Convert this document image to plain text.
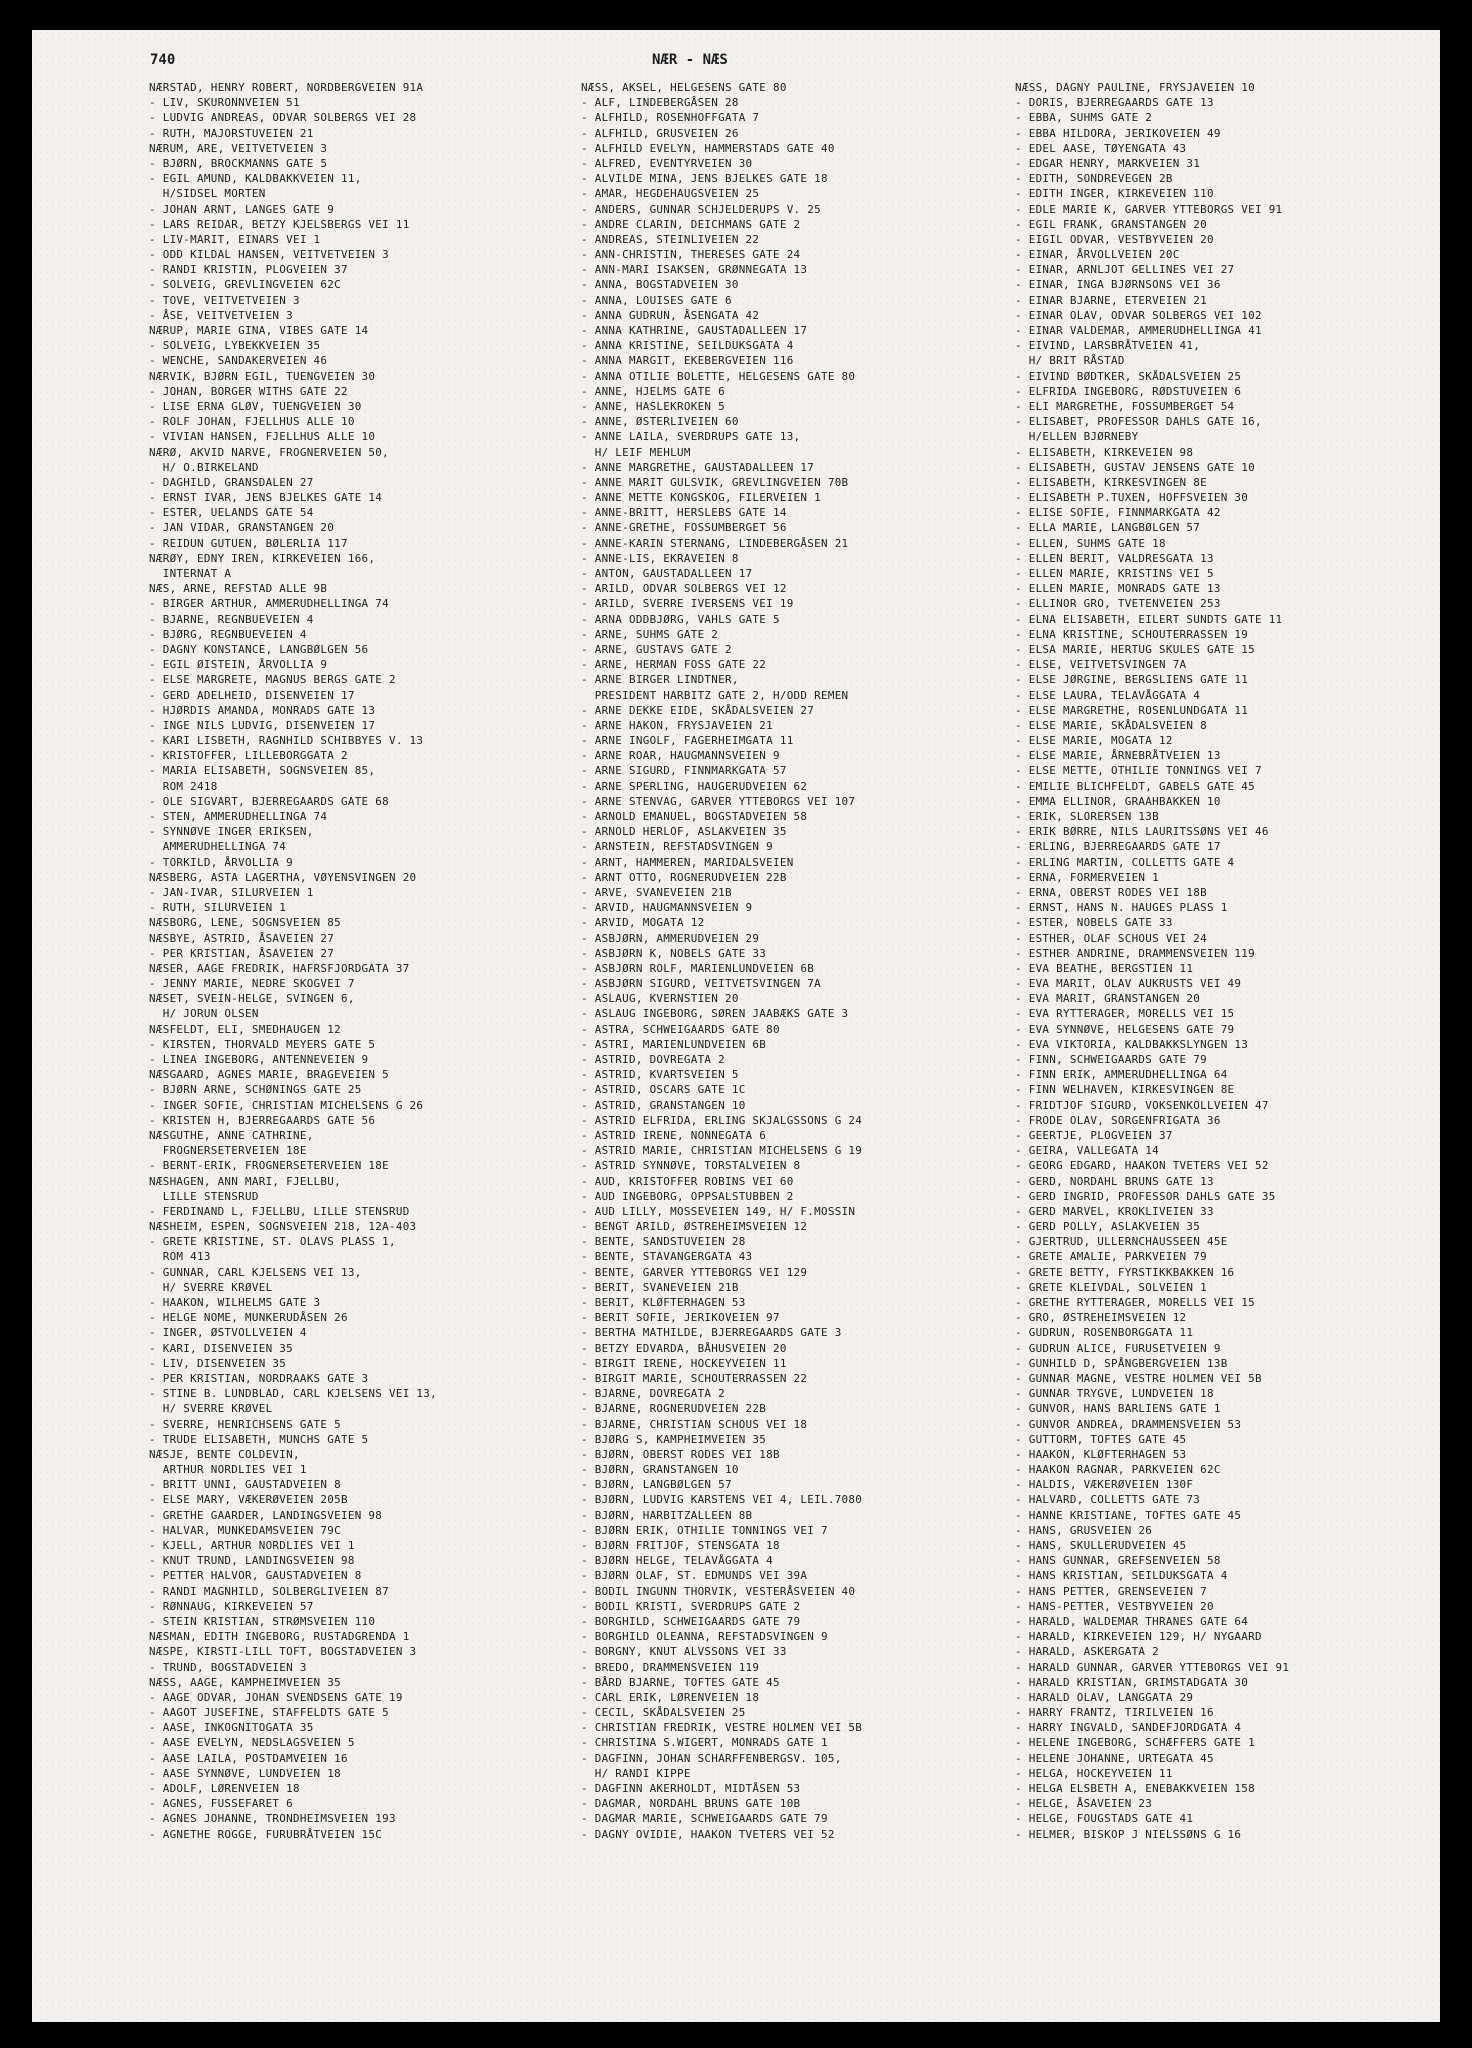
740	NÆR - NÆS
NÆRSTAD, HENRY ROBERT, NORDBERGVEIEN 91A
- LIV, SKURONNVEIEN 51
- LUDVIG ANDREAS, ODVAR SOLBERGS VEI 28
- RUTH, MAJORSTUVEIEN 21
NÆRUM, ARE, VEITVETVEIEN 3
- BJØRN, BROCKMANNS GATE 5
- EGIL AMUND, KALDBAKKVEIEN 11,
H/SIDSEL MORTEN
- JOHAN ARNT, LANGES GATE 9
- LARS REIDAR, BETZY KJELSBERGS VEI 11
- LIV-MARIT, EINARS VEI 1
- ODD KILDAL HANSEN, VEITVETVEIEN 3
- RANDI KRISTIN, PLOGVEIEN 37
- SOLVEIG, GREVLINGVEIEN 62C
- TOVE, VEITVETVEIEN 3
- ÅSE, VEITVETVEIEN 3
NÆRUP, MARIE GINA, VIBES GATE 14
- SOLVEIG, LYBEKKVEIEN 35
- WENCHE, SANDAKERVEIEN 46
NÆRVIK, BJØRN EGIL, TUENGVEIEN 30
- JOHAN, BORGER WITHS GATE 22
- LISE ERNA GLØV, TUENGVEIEN 30
- ROLF JOHAN, FJELLHUS ALLE 10
- VIVIAN HANSEN, FJELLHUS ALLE 10
NÆRØ, AKVID NARVE, FROGNERVEIEN 50,
H/ O.BIRKELAND
- DAGHILD, GRANSDALEN 27
- ERNST IVAR, JENS BJELKES GATE 14
- ESTER, UELANDS GATE 54
- JAN VIDAR, GRANSTANGEN 20
- REIDUN GUTUEN, BØLERLIA 117
NÆRØY, EDNY IREN, KIRKEVEIEN 166,
INTERNAT A
NÆS, ARNE, REFSTAD ALLE 9B
- BIRGER ARTHUR, AMMERUDHELLINGA 74
- BJARNE, REGNBUEVEIEN 4
- BJØRG, REGNBUEVEIEN 4
- DAGNY KONSTANCE, LANGBØLGEN 56
- EGIL ØISTEIN, ÅRVOLLIA 9
- ELSE MARGRETE, MAGNUS BERGS GATE 2
- GERD ADELHEID, DISENVEIEN 17
- HJØRDIS AMANDA, MONRADS GATE 13
- INGE NILS LUDVIG, DISENVEIEN 17
- KARI LISBETH, RAGNHILD SCHIBBYES V. 13
- KRISTOFFER, LILLEBORGGATA 2
- MARIA ELISABETH, SOGNSVEIEN 85,
ROM 2418
- OLE SIGVART, BJERREGAARDS GATE 68
- STEN, AMMERUDHELLINGA 74
- SYNNØVE INGER ERIKSEN,
AMMERUDHELLINGA 74
- TORKILD, ÅRVOLLIA 9
NÆSBERG, ASTA LAGERTHA, VØYENSVINGEN 20
- JAN-IVAR, SILURVEIEN 1
- RUTH, SILURVEIEN 1
NÆSBORG, LENE, SOGNSVEIEN 85
NÆSBYE, ASTRID, ÅSAVEIEN 27
- PER KRISTIAN, ÅSAVEIEN 27
NÆSER, AAGE FREDRIK, HAFRSFJORDGATA 37
- JENNY MARIE, NEDRE SKOGVEI 7
NÆSET, SVEIN-HELGE, SVINGEN 6,
H/ JORUN OLSEN
NÆSFELDT, ELI, SMEDHAUGEN 12
- KIRSTEN, THORVALD MEYERS GATE 5
- LINEA INGEBORG, ANTENNEVEIEN 9
NÆSGAARD, AGNES MARIE, BRAGEVEIEN 5
- BJØRN ARNE, SCHØNINGS GATE 25
- INGER SOFIE, CHRISTIAN MICHELSENS G 26
- KRISTEN H, BJERREGAARDS GATE 56
NÆSGUTHE, ANNE CATHRINE,
FROGNERSETERVEIEN 18E
- BERNT-ERIK, FROGNERSETERVEIEN 18E
NÆSHAGEN, ANN MARI, FJELLBU,
LILLE STENSRUD
- FERDINAND L, FJELLBU, LILLE STENSRUD
NÆSHEIM, ESPEN, SOGNSVEIEN 218, 12A-403
- GRETE KRISTINE, ST. OLAVS PLASS 1,
ROM 413
- GUNNAR, CARL KJELSENS VEI 13,
H/ SVERRE KRØVEL
- HAAKON, WILHELMS GATE 3
- HELGE NOME, MUNKERUDÅSEN 26
- INGER, ØSTVOLLVEIEN 4
- KARI, DISENVEIEN 35
- LIV, DISENVEIEN 35
- PER KRISTIAN, NORDRAAKS GATE 3
- STINE B. LUNDBLAD, CARL KJELSENS VEI 13,
H/ SVERRE KRØVEL
- SVERRE, HENRICHSENS GATE 5
- TRUDE ELISABETH, MUNCHS GATE 5
NÆSJE, BENTE COLDEVIN,
ARTHUR NORDLIES VEI 1
- BRITT UNNI, GAUSTADVEIEN 8
- ELSE MARY, VÆKERØVEIEN 205B
- GRETHE GAARDER, LANDINGSVEIEN 98
- HALVAR, MUNKEDAMSVEIEN 79C
- KJELL, ARTHUR NORDLIES VEI 1
- KNUT TRUND, LANDINGSVEIEN 98
- PETTER HALVOR, GAUSTADVEIEN 8
- RANDI MAGNHILD, SOLBERGLIVEIEN 87
- RØNNAUG, KIRKEVEIEN 57
- STEIN KRISTIAN, STRØMSVEIEN 110
NÆSMAN, EDITH INGEBORG, RUSTADGRENDA 1
NÆSPE, KIRSTI-LILL TOFT, BOGSTADVEIEN 3
- TRUND, BOGSTADVEIEN 3
NÆSS, AAGE, KAMPHEIMVEIEN 35
- AAGE ODVAR, JOHAN SVENDSENS GATE 19
- AAGOT JUSEFINE, STAFFELDTS GATE 5
- AASE, INKOGNITOGATA 35
- AASE EVELYN, NEDSLAGSVEIEN 5
- AASE LAILA, POSTDAMVEIEN 16
- AASE SYNNØVE, LUNDVEIEN 18
- ADOLF, LØRENVEIEN 18
- AGNES, FUSSEFARET 6
- AGNES JOHANNE, TRONDHEIMSVEIEN 193
- AGNETHE ROGGE, FURUBRÅTVEIEN 15C
NÆSS, AKSEL, HELGESENS GATE 80
- ALF, LINDEBERGÅSEN 28
- ALFHILD, ROSENHOFFGATA 7
- ALFHILD, GRUSVEIEN 26
- ALFHILD EVELYN, HAMMERSTADS GATE 40
- ALFRED, EVENTYRVEIEN 30
- ALVILDE MINA, JENS BJELKES GATE 18
- AMAR, HEGDEHAUGSVEIEN 25
- ANDERS, GUNNAR SCHJELDERUPS V. 25
- ANDRE CLARIN, DEICHMANS GATE 2
- ANDREAS, STEINLIVEIEN 22
- ANN-CHRISTIN, THERESES GATE 24
- ANN-MARI ISAKSEN, GRØNNEGATA 13
- ANNA, BOGSTADVEIEN 30
- ANNA, LOUISES GATE 6
- ANNA GUDRUN, ÅSENGATA 42
- ANNA KATHRINE, GAUSTADALLEEN 17
- ANNA KRISTINE, SEILDUKSGATA 4
- ANNA MARGIT, EKEBERGVEIEN 116
- ANNA OTILIE BOLETTE, HELGESENS GATE 80
- ANNE, HJELMS GATE 6
- ANNE, HASLEKROKEN 5
- ANNE, ØSTERLIVEIEN 60
- ANNE LAILA, SVERDRUPS GATE 13,
H/ LEIF MEHLUM
- ANNE MARGRETHE, GAUSTADALLEEN 17
- ANNE MARIT GULSVIK, GREVLINGVEIEN 70B
- ANNE METTE KONGSKOG, FILERVEIEN 1
- ANNE-BRITT, HERSLEBS GATE 14
- ANNE-GRETHE, FOSSUMBERGET 56
- ANNE-KARIN STERNANG, LINDEBERGÅSEN 21
- ANNE-LIS, EKRAVEIEN 8
- ANTON, GAUSTADALLEEN 17
- ARILD, ODVAR SOLBERGS VEI 12
- ARILD, SVERRE IVERSENS VEI 19
- ARNA ODDBJØRG, VAHLS GATE 5
- ARNE, SUHMS GATE 2
- ARNE, GUSTAVS GATE 2
- ARNE, HERMAN FOSS GATE 22
- ARNE BIRGER LINDTNER,
PRESIDENT HARBITZ GATE 2, H/ODD REMEN
- ARNE DEKKE EIDE, SKÅDALSVEIEN 27
- ARNE HAKON, FRYSJAVEIEN 21
- ARNE INGOLF, FAGERHEIMGATA 11
- ARNE ROAR, HAUGMANNSVEIEN 9
- ARNE SIGURD, FINNMARKGATA 57
- ARNE SPERLING, HAUGERUDVEIEN 62
- ARNE STENVAG, GARVER YTTEBORGS VEI 107
- ARNOLD EMANUEL, BOGSTADVEIEN 58
- ARNOLD HERLOF, ASLAKVEIEN 35
- ARNSTEIN, REFSTADSVINGEN 9
- ARNT, HAMMEREN, MARIDALSVEIEN
- ARNT OTTO, ROGNERUDVEIEN 22B
- ARVE, SVANEVEIEN 21B
- ARVID, HAUGMANNSVEIEN 9
- ARVID, MOGATA 12
- ASBJØRN, AMMERUDVEIEN 29
- ASBJØRN K, NOBELS GATE 33
- ASBJØRN ROLF, MARIENLUNDVEIEN 6B
- ASBJØRN SIGURD, VEITVETSVINGEN 7A
- ASLAUG, KVERNSTIEN 20
- ASLAUG INGEBORG, SØREN JAABÆKS GATE 3
- ASTRA, SCHWEIGAARDS GATE 80
- ASTRI, MARIENLUNDVEIEN 6B
- ASTRID, DOVREGATA 2
- ASTRID, KVARTSVEIEN 5
- ASTRID, OSCARS GATE 1C
- ASTRID, GRANSTANGEN 10
- ASTRID ELFRIDA, ERLING SKJALGSSONS G 24
- ASTRID IRENE, NONNEGATA 6
- ASTRID MARIE, CHRISTIAN MICHELSENS G 19
- ASTRID SYNNØVE, TORSTALVEIEN 8
- AUD, KRISTOFFER ROBINS VEI 60
- AUD INGEBORG, OPPSALSTUBBEN 2
- AUD LILLY, MOSSEVEIEN 149, H/ F.MOSSIN
- BENGT ARILD, ØSTREHEIMSVEIEN 12
- BENTE, SANDSTUVEIEN 28
- BENTE, STAVANGERGATA 43
- BENTE, GARVER YTTEBORGS VEI 129
- BERIT, SVANEVEIEN 21B
- BERIT, KLØFTERHAGEN 53
- BERIT SOFIE, JERIKOVEIEN 97
- BERTHA MATHILDE, BJERREGAARDS GATE 3
- BETZY EDVARDA, BÅHUSVEIEN 20
- BIRGIT IRENE, HOCKEYVEIEN 11
- BIRGIT MARIE, SCHOUTERRASSEN 22
- BJARNE, DOVREGATA 2
- BJARNE, ROGNERUDVEIEN 22B
- BJARNE, CHRISTIAN SCHOUS VEI 18
- BJØRG S, KAMPHEIMVEIEN 35
- BJØRN, OBERST RODES VEI 18B
- BJØRN, GRANSTANGEN 10
- BJØRN, LANGBØLGEN 57
- BJØRN, LUDVIG KARSTENS VEI 4, LEIL.7080
- BJØRN, HARBITZALLEEN 8B
- BJØRN ERIK, OTHILIE TONNINGS VEI 7
- BJØRN FRITJOF, STENSGATA 18
- BJØRN HELGE, TELAVÅGGATA 4
- BJØRN OLAF, ST. EDMUNDS VEI 39A
- BODIL INGUNN THORVIK, VESTERÅSVEIEN 40
- BODIL KRISTI, SVERDRUPS GATE 2
- BORGHILD, SCHWEIGAARDS GATE 79
- BORGHILD OLEANNA, REFSTADSVINGEN 9
- BORGNY, KNUT ALVSSONS VEI 33
- BREDO, DRAMMENSVEIEN 119
- BÅRD BJARNE, TOFTES GATE 45
- CARL ERIK, LØRENVEIEN 18
- CECIL, SKÅDALSVEIEN 25
- CHRISTIAN FREDRIK, VESTRE HOLMEN VEI 5B
- CHRISTINA S.WIGERT, MONRADS GATE 1
- DAGFINN, JOHAN SCHARFFENBERGSV. 105,
H/ RANDI KIPPE
- DAGFINN AKERHOLDT, MIDTÅSEN 53
- DAGMAR, NORDAHL BRUNS GATE 10B
- DAGMAR MARIE, SCHWEIGAARDS GATE 79
- DAGNY OVIDIE, HAAKON TVETERS VEI 52
NÆSS, DAGNY PAULINE, FRYSJAVEIEN 10
- DORIS, BJERREGAARDS GATE 13
- EBBA, SUHMS GATE 2
- EBBA HILDORA, JERIKOVEIEN 49
- EDEL AASE, TØYENGATA 43
- EDGAR HENRY, MARKVEIEN 31
- EDITH, SONDREVEGEN 2B
- EDITH INGER, KIRKEVEIEN 110
- EDLE MARIE K, GARVER YTTEBORGS VEI 91
- EGIL FRANK, GRANSTANGEN 20
- EIGIL ODVAR, VESTBYVEIEN 20
- EINAR, ÅRVOLLVEIEN 20C
- EINAR, ARNLJOT GELLINES VEI 27
- EINAR, INGA BJØRNSONS VEI 36
- EINAR BJARNE, ETERVEIEN 21
- EINAR OLAV, ODVAR SOLBERGS VEI 102
- EINAR VALDEMAR, AMMERUDHELLINGA 41
- EIVIND, LARSBRÅTVEIEN 41,
H/ BRIT RÅSTAD
- EIVIND BØDTKER, SKÅDALSVEIEN 25
- ELFRIDA INGEBORG, RØDSTUVEIEN 6
- ELI MARGRETHE, FOSSUMBERGET 54
- ELISABET, PROFESSOR DAHLS GATE 16,
H/ELLEN BJØRNEBY
- ELISABETH, KIRKEVEIEN 98
- ELISABETH, GUSTAV JENSENS GATE 10
- ELISABETH, KIRKESVINGEN 8E
- ELISABETH P.TUXEN, HOFFSVEIEN 30
- ELISE SOFIE, FINNMARKGATA 42
- ELLA MARIE, LANGBØLGEN 57
- ELLEN, SUHMS GATE 18
- ELLEN BERIT, VALDRESGATA 13
- ELLEN MARIE, KRISTINS VEI 5
- ELLEN MARIE, MONRADS GATE 13
- ELLINOR GRO, TVETENVEIEN 253
- ELNA ELISABETH, EILERT SUNDTS GATE 11
- ELNA KRISTINE, SCHOUTERRASSEN 19
- ELSA MARIE, HERTUG SKULES GATE 15
- ELSE, VEITVETSVINGEN 7A
- ELSE JØRGINE, BERGSLIENS GATE 11
- ELSE LAURA, TELAVÅGGATA 4
- ELSE MARGRETHE, ROSENLUNDGATA 11
- ELSE MARIE, SKÅDALSVEIEN 8
- ELSE MARIE, MOGATA 12
- ELSE MARIE, ÅRNEBRÅTVEIEN 13
- ELSE METTE, OTHILIE TONNINGS VEI 7
- EMILIE BLICHFELDT, GABELS GATE 45
- EMMA ELLINOR, GRAAHBAKKEN 10
- ERIK, SLORERSEN 13B
- ERIK BØRRE, NILS LAURITSSØNS VEI 46
- ERLING, BJERREGAARDS GATE 17
- ERLING MARTIN, COLLETTS GATE 4
- ERNA, FORMERVEIEN 1
- ERNA, OBERST RODES VEI 18B
- ERNST, HANS N. HAUGES PLASS 1
- ESTER, NOBELS GATE 33
- ESTHER, OLAF SCHOUS VEI 24
- ESTHER ANDRINE, DRAMMENSVEIEN 119
- EVA BEATHE, BERGSTIEN 11
- EVA MARIT, OLAV AUKRUSTS VEI 49
- EVA MARIT, GRANSTANGEN 20
- EVA RYTTERAGER, MORELLS VEI 15
- EVA SYNNØVE, HELGESENS GATE 79
- EVA VIKTORIA, KALDBAKKSLYNGEN 13
- FINN, SCHWEIGAARDS GATE 79
- FINN ERIK, AMMERUDHELLINGA 64
- FINN WELHAVEN, KIRKESVINGEN 8E
- FRIDTJOF SIGURD, VOKSENKOLLVEIEN 47
- FRODE OLAV, SORGENFRIGATA 36
- GEERTJE, PLOGVEIEN 37
- GEIRA, VALLEGATA 14
- GEORG EDGARD, HAAKON TVETERS VEI 52
- GERD, NORDAHL BRUNS GATE 13
- GERD INGRID, PROFESSOR DAHLS GATE 35
- GERD MARVEL, KROKLIVEIEN 33
- GERD POLLY, ASLAKVEIEN 35
- GJERTRUD, ULLERNCHAUSSEEN 45E
- GRETE AMALIE, PARKVEIEN 79
- GRETE BETTY, FYRSTIKKBAKKEN 16
- GRETE KLEIVDAL, SOLVEIEN 1
- GRETHE RYTTERAGER, MORELLS VEI 15
- GRO, ØSTREHEIMSVEIEN 12
- GUDRUN, ROSENBORGGATA 11
- GUDRUN ALICE, FURUSETVEIEN 9
- GUNHILD D, SPÅNGBERGVEIEN 13B
- GUNNAR MAGNE, VESTRE HOLMEN VEI 5B
- GUNNAR TRYGVE, LUNDVEIEN 18
- GUNVOR, HANS BARLIENS GATE 1
- GUNVOR ANDREA, DRAMMENSVEIEN 53
- GUTTORM, TOFTES GATE 45
- HAAKON, KLØFTERHAGEN 53
- HAAKON RAGNAR, PARKVEIEN 62C
- HALDIS, VÆKERØVEIEN 130F
- HALVARD, COLLETTS GATE 73
- HANNE KRISTIANE, TOFTES GATE 45
- HANS, GRUSVEIEN 26
- HANS, SKULLERUDVEIEN 45
- HANS GUNNAR, GREFSENVEIEN 58
- HANS KRISTIAN, SEILDUKSGATA 4
- HANS PETTER, GRENSEVEIEN 7
- HANS-PETTER, VESTBYVEIEN 20
- HARALD, WALDEMAR THRANES GATE 64
- HARALD, KIRKEVEIEN 129, H/ NYGAARD
- HARALD, ASKERGATA 2
- HARALD GUNNAR, GARVER YTTEBORGS VEI 91
- HARALD KRISTIAN, GRIMSTADGATA 30
- HARALD OLAV, LANGGATA 29
- HARRY FRANTZ, TIRILVEIEN 16
- HARRY INGVALD, SANDEFJORDGATA 4
- HELENE INGEBORG, SCHÆFFERS GATE 1
- HELENE JOHANNE, URTEGATA 45
- HELGA, HOCKEYVEIEN 11
- HELGA ELSBETH A, ENEBAKKVEIEN 158
- HELGE, ÅSAVEIEN 23
- HELGE, FOUGSTADS GATE 41
- HELMER, BISKOP J NIELSSØNS G 16
